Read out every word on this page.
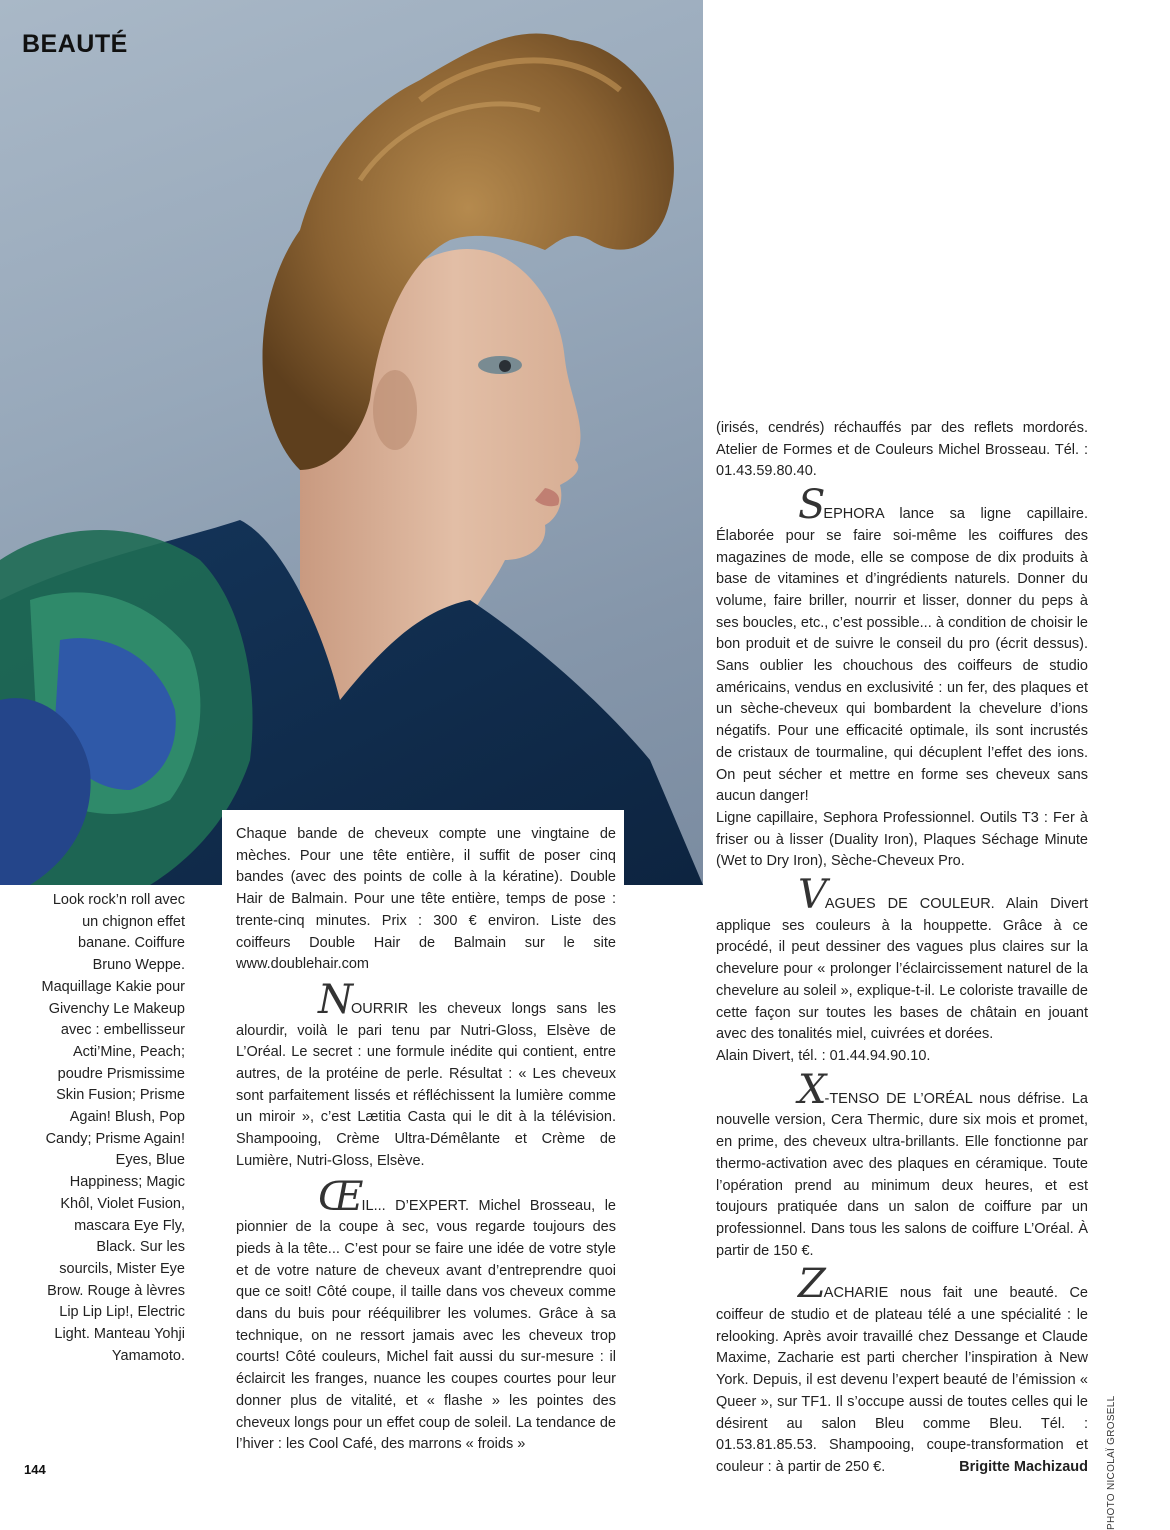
BEAUTÉ

Look rock’n roll avec un chignon effet banane. Coiffure Bruno Weppe. Maquillage Kakie pour Givenchy Le Makeup avec : embellisseur Acti’Mine, Peach; poudre Prismissime Skin Fusion; Prisme Again! Blush, Pop Candy; Prisme Again! Eyes, Blue Happiness; Magic Khôl, Violet Fusion, mascara Eye Fly, Black. Sur les sourcils, Mister Eye Brow. Rouge à lèvres Lip Lip Lip!, Electric Light. Manteau Yohji Yamamoto.

Chaque bande de cheveux compte une vingtaine de mèches. Pour une tête entière, il suffit de poser cinq bandes (avec des points de colle à la kératine). Double Hair de Balmain. Pour une tête entière, temps de pose : trente-cinq minutes. Prix : 300 € environ. Liste des coiffeurs Double Hair de Balmain sur le site www.doublehair.com

NOURRIR les cheveux longs sans les alourdir, voilà le pari tenu par Nutri-Gloss, Elsève de L’Oréal. Le secret : une formule inédite qui contient, entre autres, de la protéine de perle. Résultat : « Les cheveux sont parfaitement lissés et réfléchissent la lumière comme un miroir », c’est Lætitia Casta qui le dit à la télévision. Shampooing, Crème Ultra-Démêlante et Crème de Lumière, Nutri-Gloss, Elsève.

ŒIL... D’EXPERT. Michel Brosseau, le pionnier de la coupe à sec, vous regarde toujours des pieds à la tête... C’est pour se faire une idée de votre style et de votre nature de cheveux avant d’entreprendre quoi que ce soit! Côté coupe, il taille dans vos cheveux comme dans du buis pour rééquilibrer les volumes. Grâce à sa technique, on ne ressort jamais avec les cheveux trop courts! Côté couleurs, Michel fait aussi du sur-mesure : il éclaircit les franges, nuance les coupes courtes pour leur donner plus de vitalité, et « flashe » les pointes des cheveux longs pour un effet coup de soleil. La tendance de l’hiver : les Cool Café, des marrons « froids »

(irisés, cendrés) réchauffés par des reflets mordorés. Atelier de Formes et de Couleurs Michel Brosseau. Tél. : 01.43.59.80.40.

SEPHORA lance sa ligne capillaire. Élaborée pour se faire soi-même les coiffures des magazines de mode, elle se compose de dix produits à base de vitamines et d’ingrédients naturels. Donner du volume, faire briller, nourrir et lisser, donner du peps à ses boucles, etc., c’est possible... à condition de choisir le bon produit et de suivre le conseil du pro (écrit dessus). Sans oublier les chouchous des coiffeurs de studio américains, vendus en exclusivité : un fer, des plaques et un sèche-cheveux qui bombardent la chevelure d’ions négatifs. Pour une efficacité optimale, ils sont incrustés de cristaux de tourmaline, qui décuplent l’effet des ions. On peut sécher et mettre en forme ses cheveux sans aucun danger!

Ligne capillaire, Sephora Professionnel. Outils T3 : Fer à friser ou à lisser (Duality Iron), Plaques Séchage Minute (Wet to Dry Iron), Sèche-Cheveux Pro.

VAGUES DE COULEUR. Alain Divert applique ses couleurs à la houppette. Grâce à ce procédé, il peut dessiner des vagues plus claires sur la chevelure pour « prolonger l’éclaircissement naturel de la chevelure au soleil », explique-t-il. Le coloriste travaille de cette façon sur toutes les bases de châtain en jouant avec des tonalités miel, cuivrées et dorées.

Alain Divert, tél. : 01.44.94.90.10.

X-TENSO DE L’ORÉAL nous défrise. La nouvelle version, Cera Thermic, dure six mois et promet, en prime, des cheveux ultra-brillants. Elle fonctionne par thermo-activation avec des plaques en céramique. Toute l’opération prend au minimum deux heures, et est toujours pratiquée dans un salon de coiffure par un professionnel. Dans tous les salons de coiffure L’Oréal. À partir de 150 €.

ZACHARIE nous fait une beauté. Ce coiffeur de studio et de plateau télé a une spécialité : le relooking. Après avoir travaillé chez Dessange et Claude Maxime, Zacharie est parti chercher l’inspiration à New York. Depuis, il est devenu l’expert beauté de l’émission « Queer », sur TF1. Il s’occupe aussi de toutes celles qui le désirent au salon Bleu comme Bleu. Tél. : 01.53.81.85.53. Shampooing, coupe-transformation et couleur : à partir de 250 €.	Brigitte Machizaud PHOTO NICOLAÏ GROSELL

144
